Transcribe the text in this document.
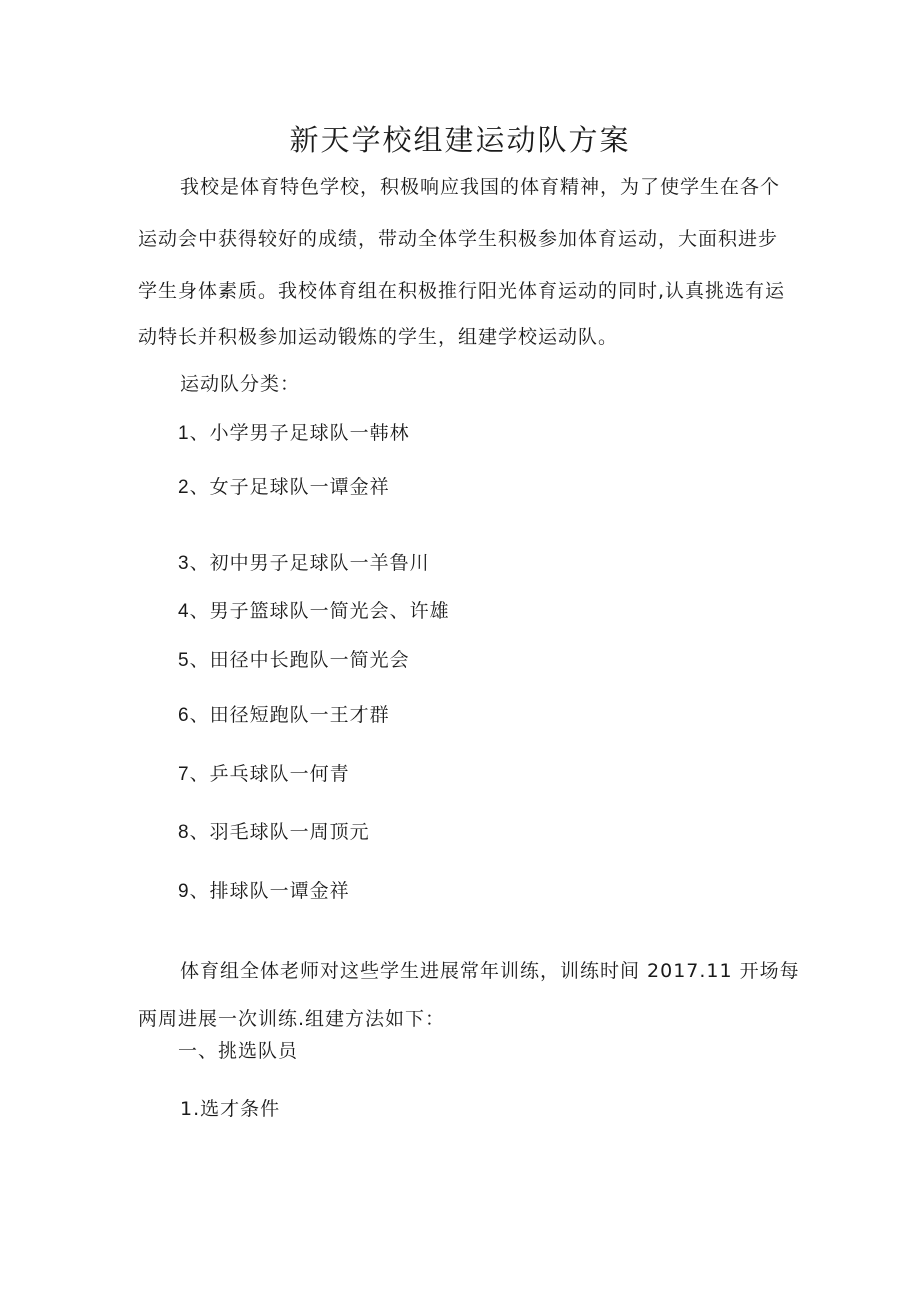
新天学校组建运动队方案
我校是体育特色学校，积极响应我国的体育精神，为了使学生在各个
运动会中获得较好的成绩，带动全体学生积极参加体育运动，大面积进步
学生身体素质。我校体育组在积极推行阳光体育运动的同时,认真挑选有运
动特长并积极参加运动锻炼的学生，组建学校运动队。
运动队分类：
1、小学男子足球队一韩林
2、女子足球队一谭金祥
3、初中男子足球队一羊鲁川
4、男子篮球队一简光会、许雄
5、田径中长跑队一简光会
6、田径短跑队一王才群
7、乒乓球队一何青
8、羽毛球队一周顶元
9、排球队一谭金祥
体育组全体老师对这些学生进展常年训练，训练时间 2017.11 开场每
两周进展一次训练.组建方法如下：
一、挑选队员
1.选才条件
